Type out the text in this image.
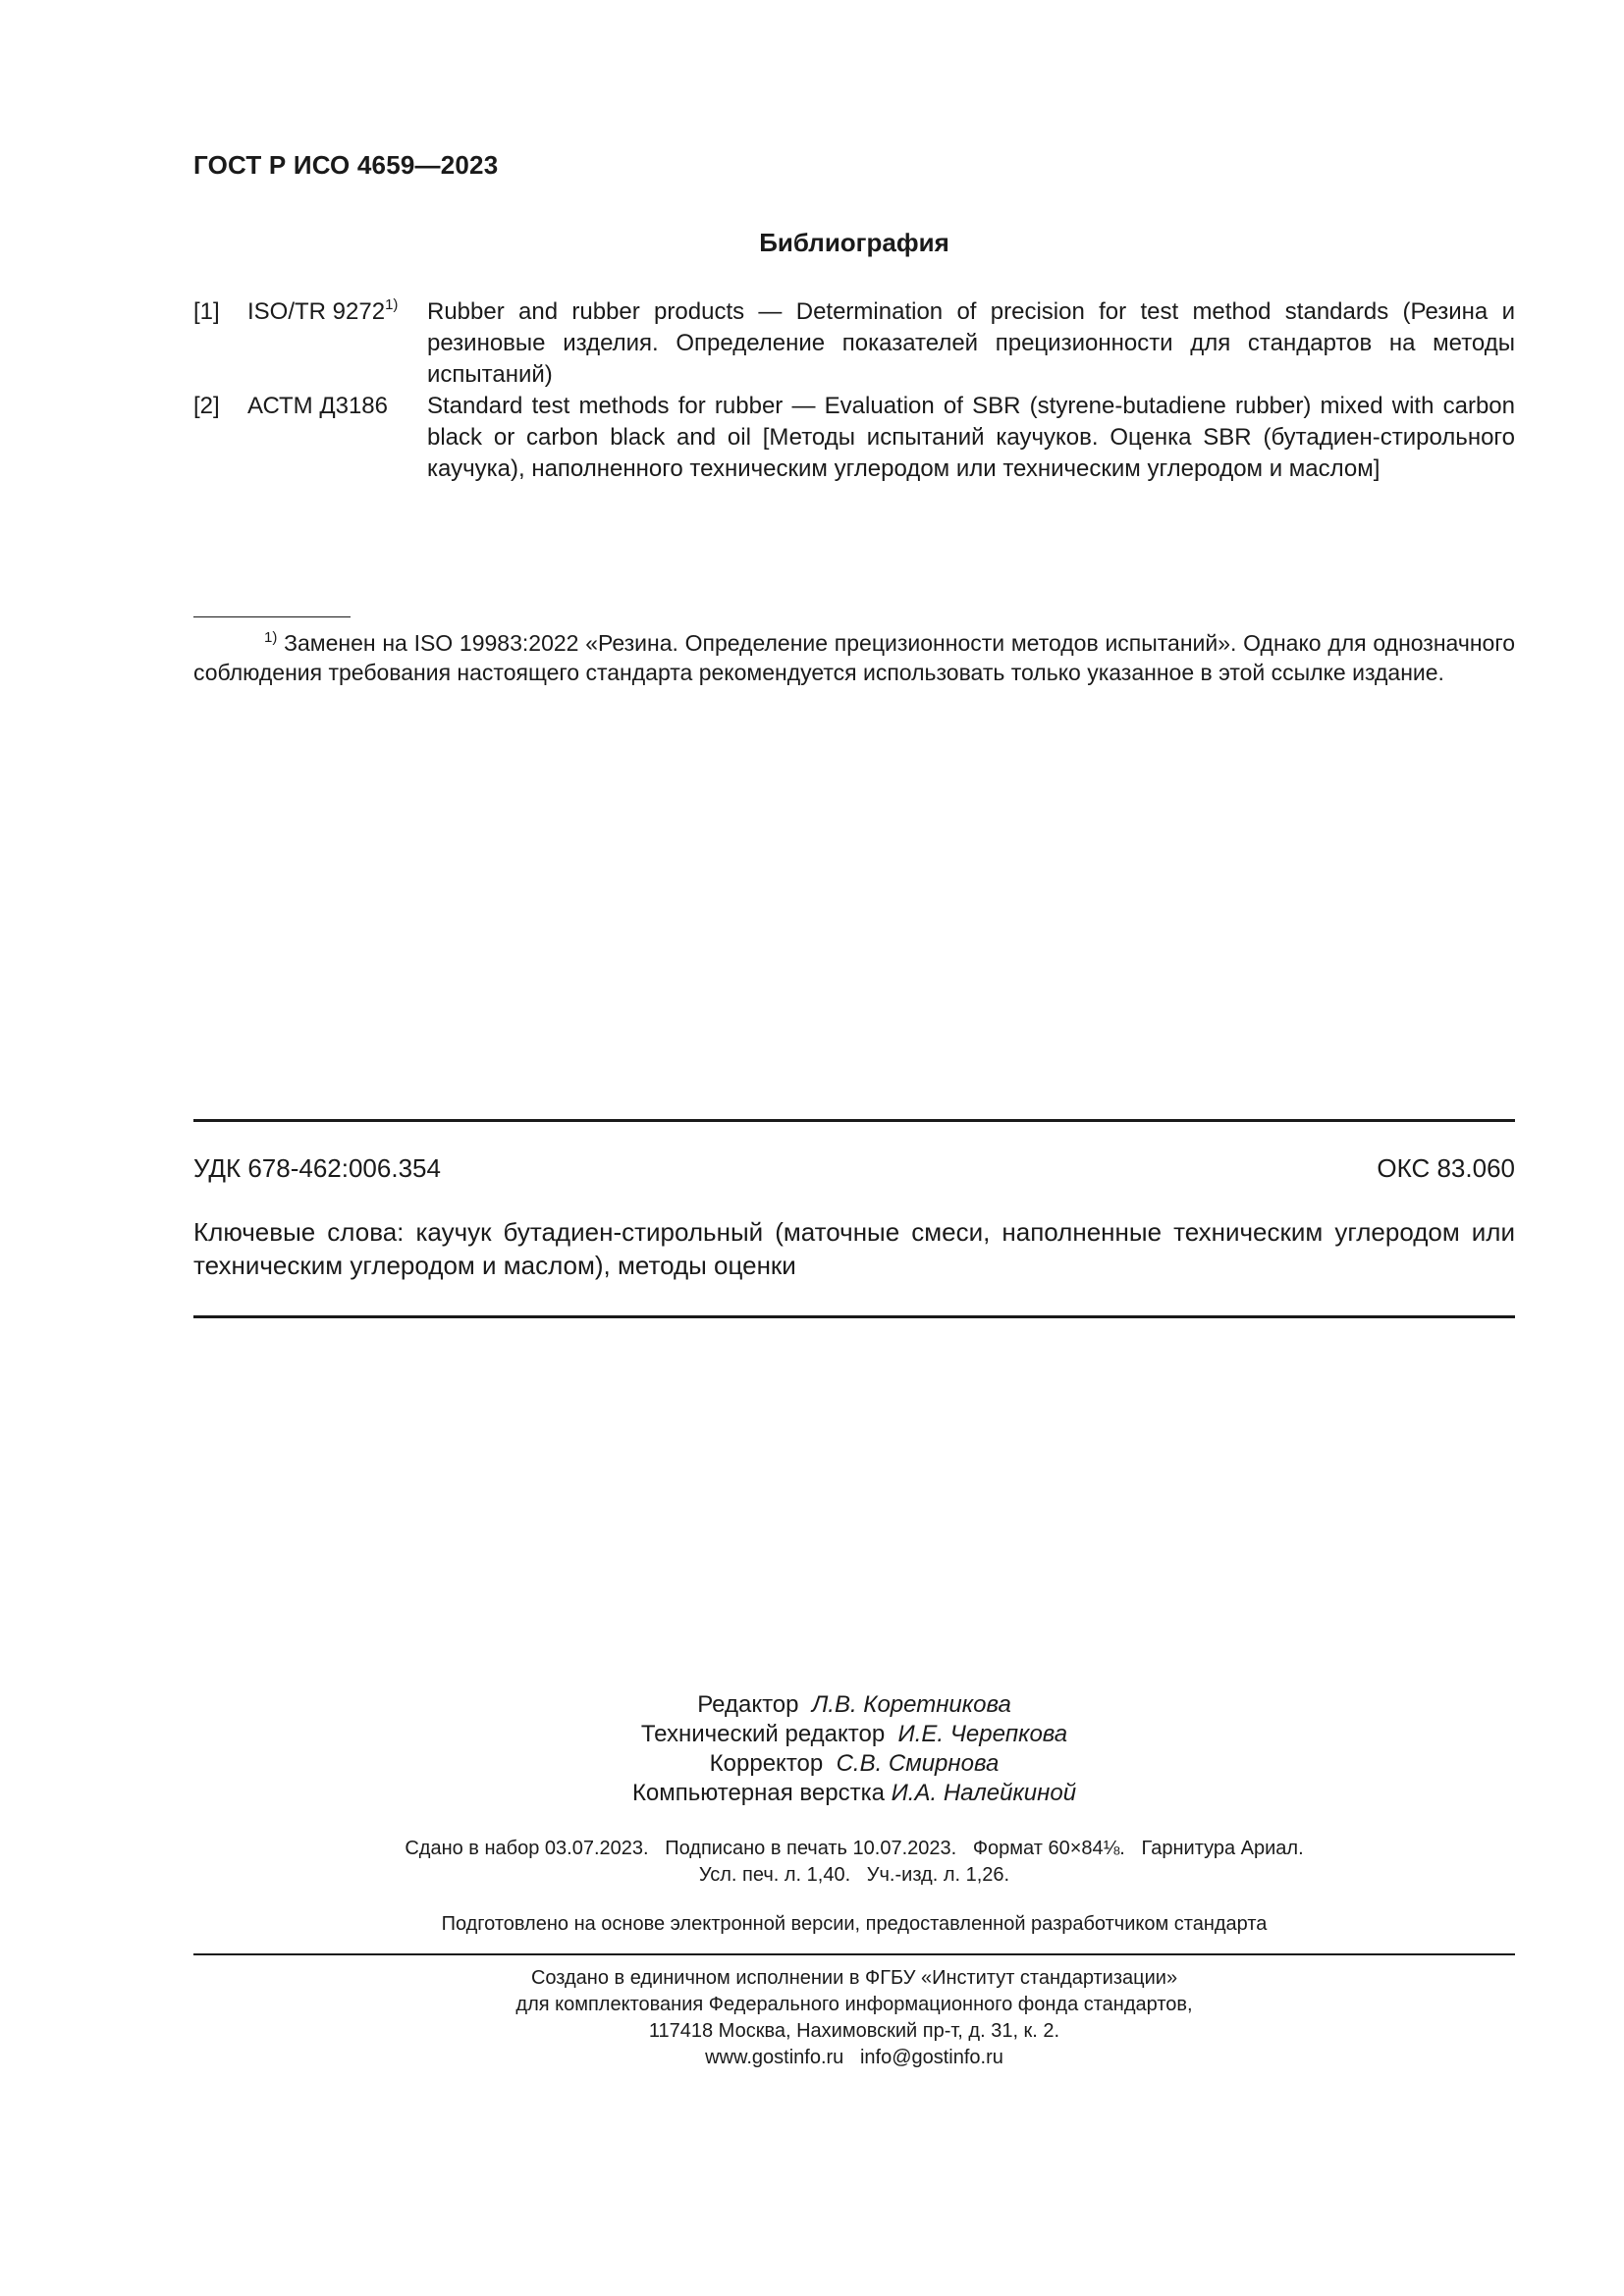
ГОСТ Р ИСО 4659—2023
Библиография
[1] ISO/TR 9272$^{1)}$ Rubber and rubber products — Determination of precision for test method standards (Резина и резиновые изделия. Определение показателей прецизионности для стандартов на методы испытаний)
[2] АСТМ Д3186 Standard test methods for rubber — Evaluation of SBR (styrene-butadiene rubber) mixed with carbon black or carbon black and oil [Методы испытаний каучуков. Оценка SBR (бутадиен-стирольного каучука), наполненного техническим углеродом или техническим углеродом и маслом]
$^{1)}$ Заменен на ISO 19983:2022 «Резина. Определение прецизионности методов испытаний». Однако для однозначного соблюдения требования настоящего стандарта рекомендуется использовать только указанное в этой ссылке издание.
УДК 678-462:006.354	ОКС 83.060
Ключевые слова: каучук бутадиен-стирольный (маточные смеси, наполненные техническим углеродом или техническим углеродом и маслом), методы оценки
Редактор Л.В. Коретникова
Технический редактор И.Е. Черепкова
Корректор С.В. Смирнова
Компьютерная верстка И.А. Налейкиной
Сдано в набор 03.07.2023.   Подписано в печать 10.07.2023.   Формат 60×84⅛.   Гарнитура Ариал.
Усл. печ. л. 1,40.   Уч.-изд. л. 1,26.
Подготовлено на основе электронной версии, предоставленной разработчиком стандарта
Создано в единичном исполнении в ФГБУ «Институт стандартизации»
для комплектования Федерального информационного фонда стандартов,
117418 Москва, Нахимовский пр-т, д. 31, к. 2.
www.gostinfo.ru   info@gostinfo.ru
